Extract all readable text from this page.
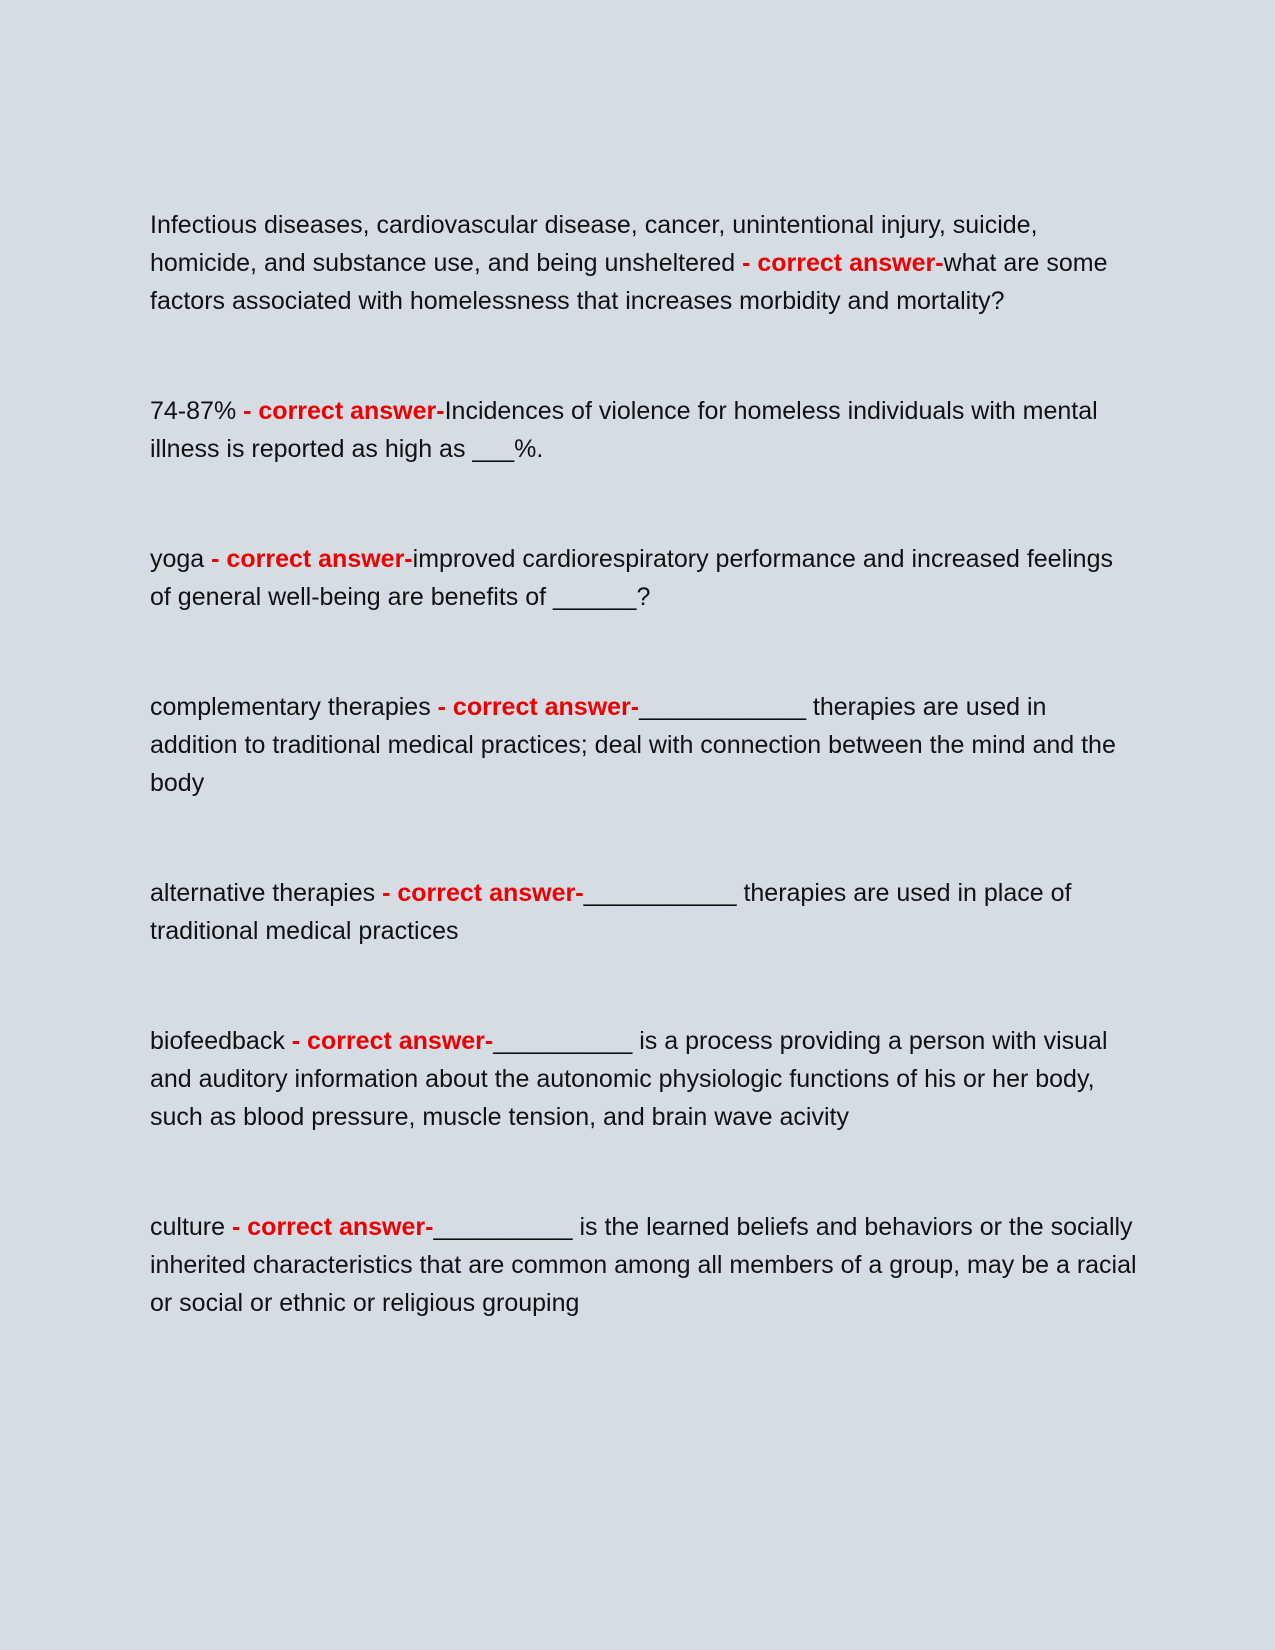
Infectious diseases, cardiovascular disease, cancer, unintentional injury, suicide, homicide, and substance use, and being unsheltered - correct answer-what are some factors associated with homelessness that increases morbidity and mortality?

74-87% - correct answer-Incidences of violence for homeless individuals with mental illness is reported as high as ___%.

yoga - correct answer-improved cardiorespiratory performance and increased feelings of general well-being are benefits of ______?

complementary therapies - correct answer-____________ therapies are used in addition to traditional medical practices; deal with connection between the mind and the body

alternative therapies - correct answer-___________ therapies are used in place of traditional medical practices

biofeedback - correct answer-__________ is a process providing a person with visual and auditory information about the autonomic physiologic functions of his or her body, such as blood pressure, muscle tension, and brain wave acivity

culture - correct answer-__________ is the learned beliefs and behaviors or the socially inherited characteristics that are common among all members of a group, may be a racial or social or ethnic or religious grouping
